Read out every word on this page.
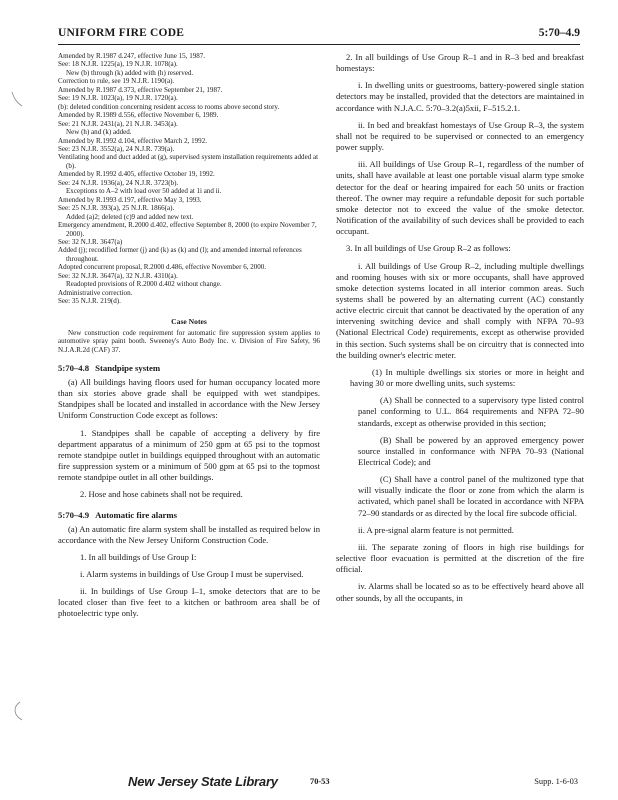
UNIFORM FIRE CODE	5:70–4.9

Amended by R.1987 d.247, effective June 15, 1987.

See: 18 N.J.R. 1225(a), 19 N.J.R. 1078(a).

New (b) through (k) added with (h) reserved.

Correction to rule, see 19 N.J.R. 1190(a).

Amended by R.1987 d.373, effective September 21, 1987.

See: 19 N.J.R. 1023(a), 19 N.J.R. 1720(a).

(b): deleted condition concerning resident access to rooms above second story.

Amended by R.1989 d.556, effective November 6, 1989.

See: 21 N.J.R. 2431(a), 21 N.J.R. 3453(a).

New (h) and (k) added.

Amended by R.1992 d.104, effective March 2, 1992.

See: 23 N.J.R. 3552(a), 24 N.J.R. 739(a).

Ventilating hood and duct added at (g), supervised system installation requirements added at (b).

Amended by R.1992 d.405, effective October 19, 1992.

See: 24 N.J.R. 1936(a), 24 N.J.R. 3723(b).

Exceptions to A–2 with load over 50 added at 1i and ii.

Amended by R.1993 d.197, effective May 3, 1993.

See: 25 N.J.R. 393(a), 25 N.J.R. 1866(a).

Added (a)2; deleted (c)9 and added new text.

Emergency amendment, R.2000 d.402, effective September 8, 2000 (to expire November 7, 2000).

See: 32 N.J.R. 3647(a)

Added (j); recodified former (j) and (k) as (k) and (l); and amended internal references throughout.

Adopted concurrent proposal, R.2000 d.486, effective November 6, 2000.

See: 32 N.J.R. 3647(a), 32 N.J.R. 4310(a).

Readopted provisions of R.2000 d.402 without change.

Administrative correction.

See: 35 N.J.R. 219(d).

Case Notes

New construction code requirement for automatic fire suppression system applies to automotive spray paint booth. Sweeney's Auto Body Inc. v. Division of Fire Safety, 96 N.J.A.R.2d (CAF) 37.

5:70–4.8 Standpipe system

(a) All buildings having floors used for human occupancy located more than six stories above grade shall be equipped with wet standpipes. Standpipes shall be located and installed in accordance with the New Jersey Uniform Construction Code except as follows:

1. Standpipes shall be capable of accepting a delivery by fire department apparatus of a minimum of 250 gpm at 65 psi to the topmost remote standpipe outlet in buildings equipped throughout with an automatic fire suppression system or a minimum of 500 gpm at 65 psi to the topmost remote standpipe outlet in all other buildings.

2. Hose and hose cabinets shall not be required.

5:70–4.9 Automatic fire alarms

(a) An automatic fire alarm system shall be installed as required below in accordance with the New Jersey Uniform Construction Code.

1. In all buildings of Use Group I:

i. Alarm systems in buildings of Use Group I must be supervised.

ii. In buildings of Use Group I–1, smoke detectors that are to be located closer than five feet to a kitchen or bathroom area shall be of photoelectric type only.

2. In all buildings of Use Group R–1 and in R–3 bed and breakfast homestays:

i. In dwelling units or guestrooms, battery-powered single station detectors may be installed, provided that the detectors are maintained in accordance with N.J.A.C. 5:70–3.2(a)5xii, F–515.2.1.

ii. In bed and breakfast homestays of Use Group R–3, the system shall not be required to be supervised or connected to an emergency power supply.

iii. All buildings of Use Group R–1, regardless of the number of units, shall have available at least one portable visual alarm type smoke detector for the deaf or hearing impaired for each 50 units or fraction thereof. The owner may require a refundable deposit for such portable smoke detector not to exceed the value of the smoke detector. Notification of the availability of such devices shall be provided to each occupant.

3. In all buildings of Use Group R–2 as follows:

i. All buildings of Use Group R–2, including multiple dwellings and rooming houses with six or more occupants, shall have approved smoke detection systems located in all interior common areas. Such systems shall be powered by an alternating current (AC) constantly active electric circuit that cannot be deactivated by the operation of any intervening switching device and shall comply with NFPA 70–93 (National Electrical Code) requirements, except as otherwise provided in this section. Such systems shall be on circuitry that is connected into the building owner's electric meter.

(1) In multiple dwellings six stories or more in height and having 30 or more dwelling units, such systems:

(A) Shall be connected to a supervisory type listed control panel conforming to U.L. 864 requirements and NFPA 72–90 standards, except as otherwise provided in this section;

(B) Shall be powered by an approved emergency power source installed in conformance with NFPA 70–93 (National Electrical Code); and

(C) Shall have a control panel of the multizoned type that will visually indicate the floor or zone from which the alarm is activated, which panel shall be located in accordance with NFPA 72–90 standards or as directed by the local fire subcode official.

ii. A pre-signal alarm feature is not permitted.

iii. The separate zoning of floors in high rise buildings for selective floor evacuation is permitted at the discretion of the fire official.

iv. Alarms shall be located so as to be effectively heard above all other sounds, by all the occupants, in

New Jersey State Library	70-53	Supp. 1-6-03
